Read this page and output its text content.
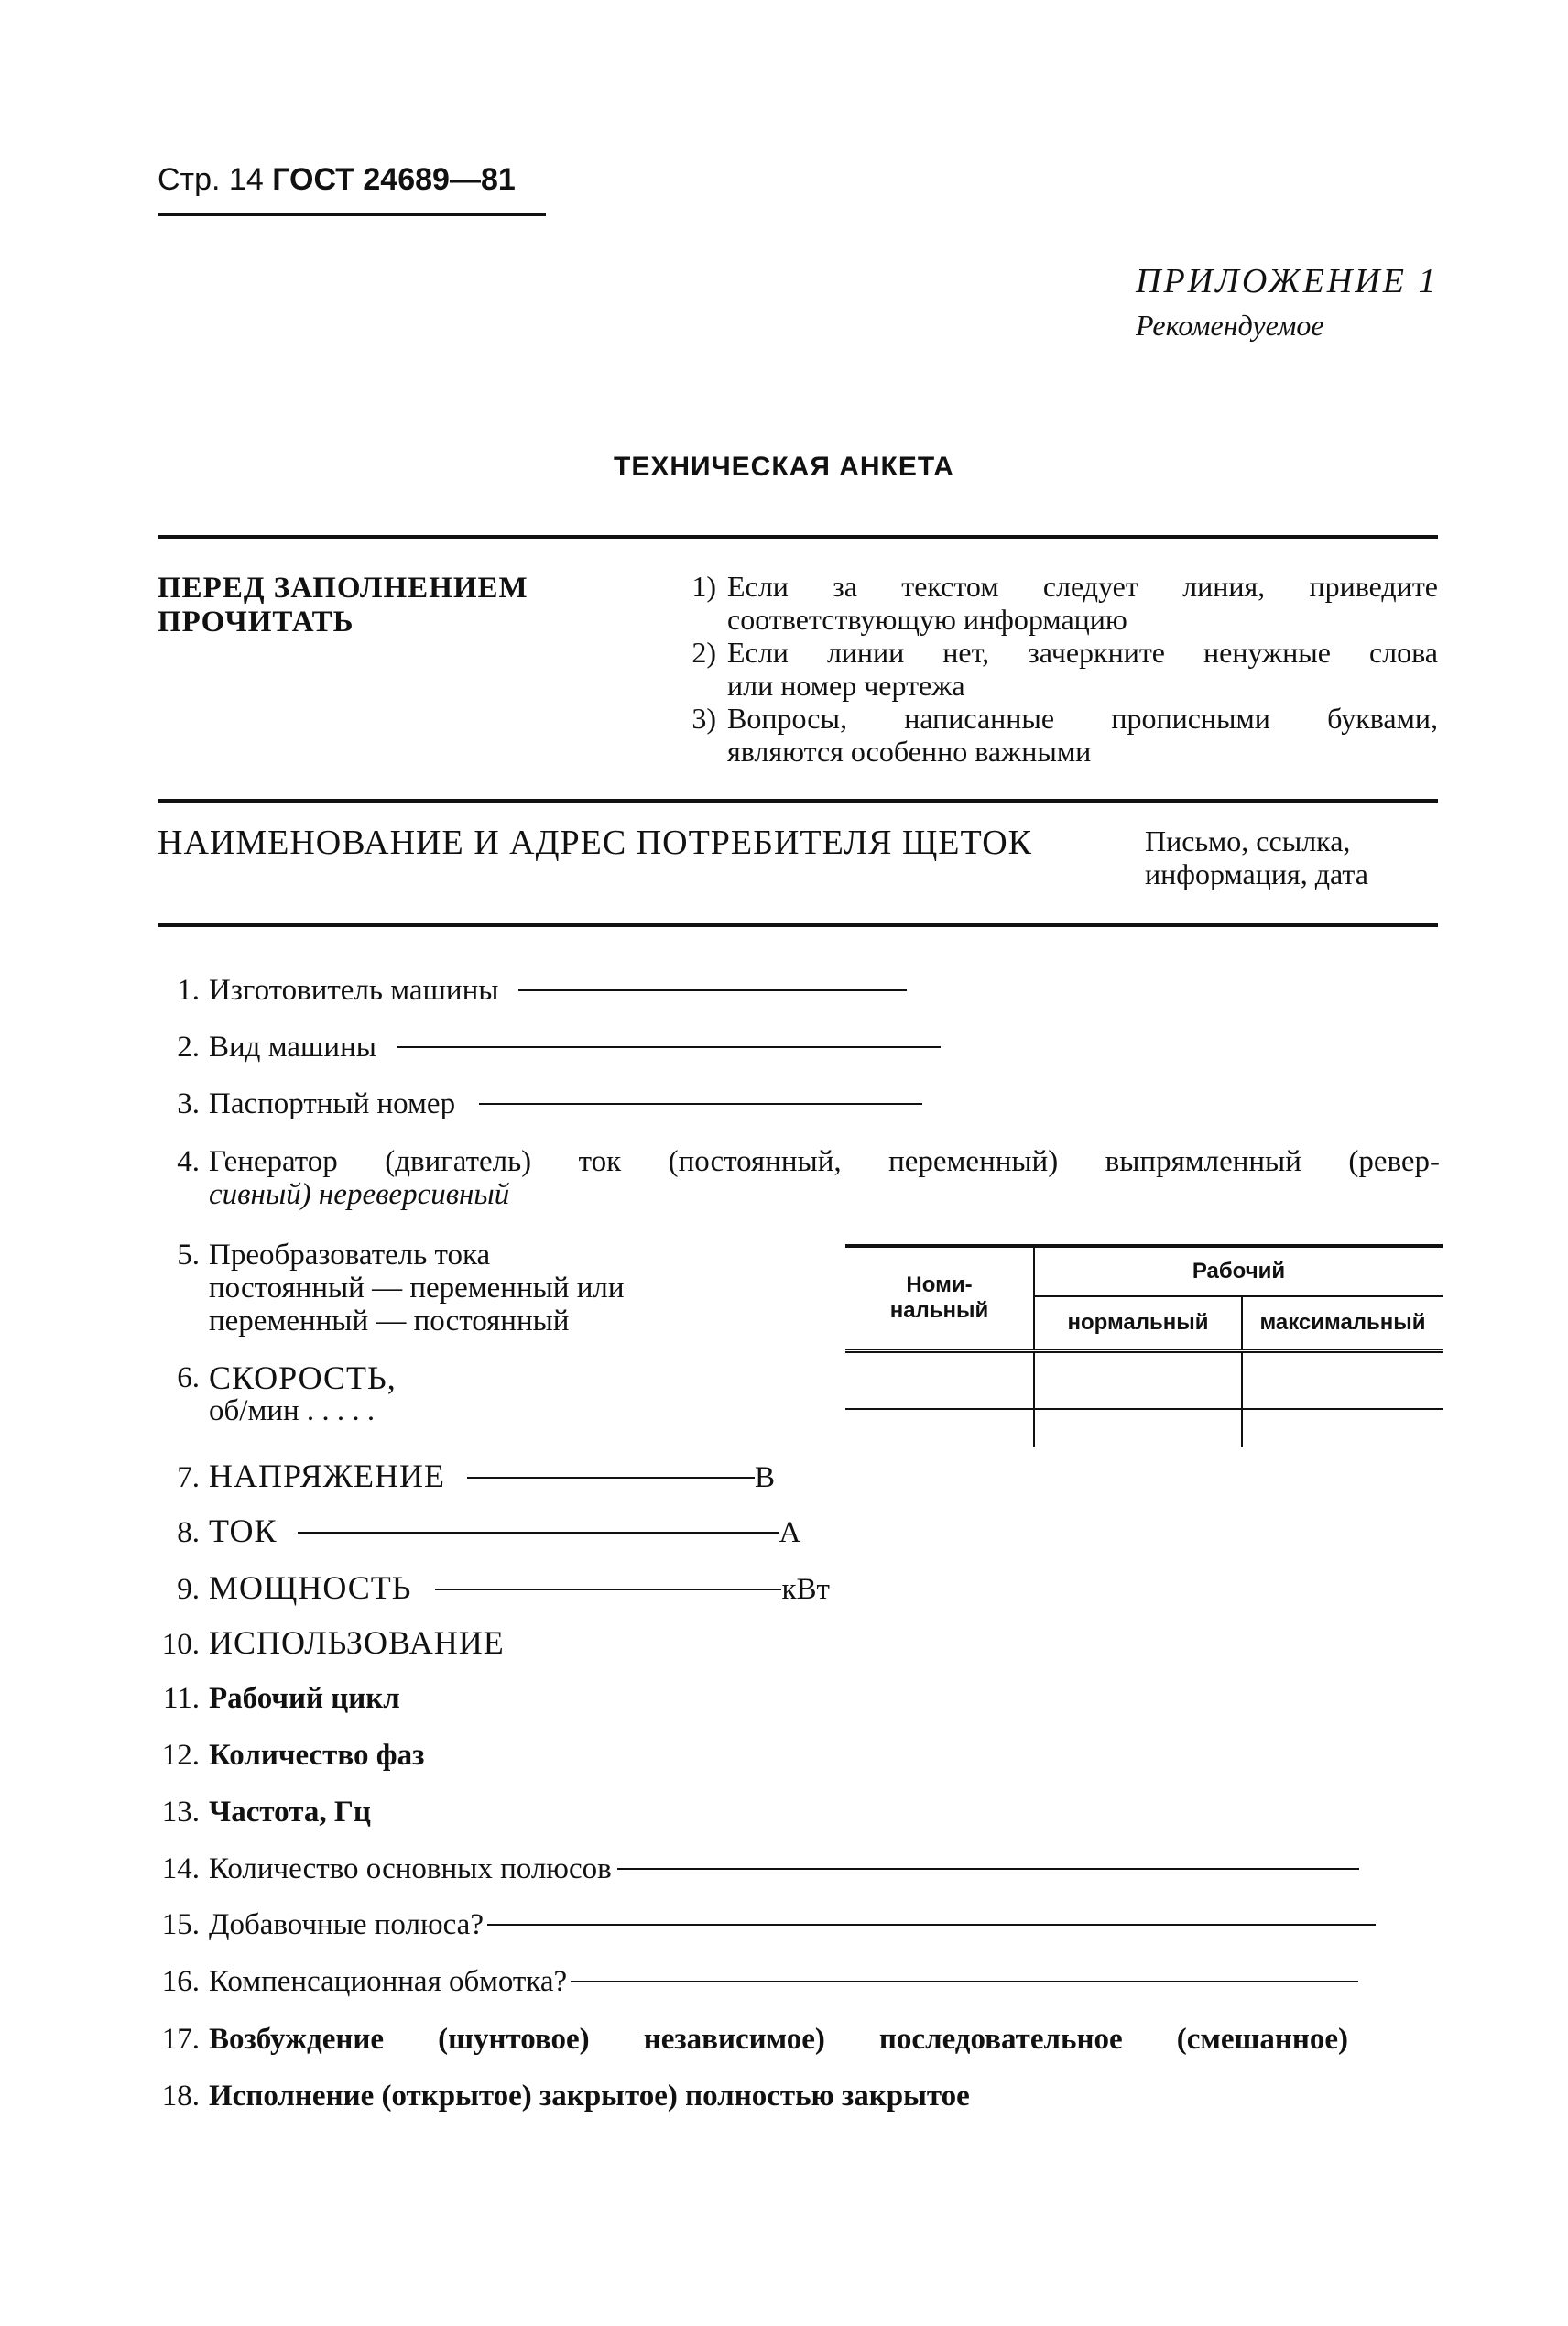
Стр. 14 ГОСТ 24689—81
ПРИЛОЖЕНИЕ 1
Рекомендуемое
ТЕХНИЧЕСКАЯ АНКЕТА
ПЕРЕД ЗАПОЛНЕНИЕМ
ПРОЧИТАТЬ
1) Если за текстом следует линия, приведите
соответствующую информацию
2) Если линии нет, зачеркните ненужные слова
или номер чертежа
3) Вопросы, написанные прописными буквами,
являются особенно важными
НАИМЕНОВАНИЕ И АДРЕС ПОТРЕБИТЕЛЯ ЩЕТОК	Письмо, ссылка,
информация, дата
1. Изготовитель машины
2. Вид машины
3. Паспортный номер
4. Генератор (двигатель) ток (постоянный, переменный) выпрямленный (ревер-
сивный) нереверсивный
5. Преобразователь тока
постоянный — переменный или
переменный — постоянный
6. СКОРОСТЬ,
об/мин . . . . .
7. НАПРЯЖЕНИЕ	В
8. ТОК	А
9. МОЩНОСТЬ	кВт
10. ИСПОЛЬЗОВАНИЕ
11. Рабочий цикл
12. Количество фаз
13. Частота, Гц
14. Количество основных полюсов
15. Добавочные полюса?
16. Компенсационная обмотка?
17. Возбуждение (шунтовое) независимое) последовательное (смешанное)
18. Исполнение (открытое) закрытое) полностью закрытое
Номи-
нальный	Рабочий	
	нормальный	максимальный
